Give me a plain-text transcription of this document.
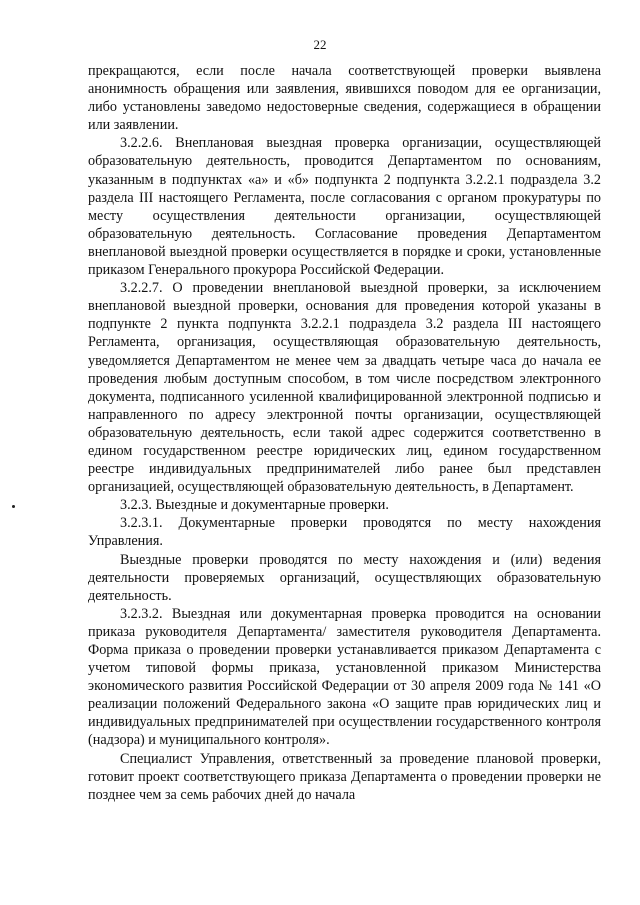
22

прекращаются, если после начала соответствующей проверки выявлена анонимность обращения или заявления, явившихся поводом для ее организации, либо установлены заведомо недостоверные сведения, содержащиеся в обращении или заявлении.

3.2.2.6. Внеплановая выездная проверка организации, осуществляющей образовательную деятельность, проводится Департаментом по основаниям, указанным в подпунктах «а» и «б» подпункта 2 подпункта 3.2.2.1 подраздела 3.2 раздела III настоящего Регламента, после согласования с органом прокуратуры по месту осуществления деятельности организации, осуществляющей образовательную деятельность. Согласование проведения Департаментом внеплановой выездной проверки осуществляется в порядке и сроки, установленные приказом Генерального прокурора Российской Федерации.

3.2.2.7. О проведении внеплановой выездной проверки, за исключением внеплановой выездной проверки, основания для проведения которой указаны в подпункте 2 пункта подпункта 3.2.2.1 подраздела 3.2 раздела III настоящего Регламента, организация, осуществляющая образовательную деятельность, уведомляется Департаментом не менее чем за двадцать четыре часа до начала ее проведения любым доступным способом, в том числе посредством электронного документа, подписанного усиленной квалифицированной электронной подписью и направленного по адресу электронной почты организации, осуществляющей образовательную деятельность, если такой адрес содержится соответственно в едином государственном реестре юридических лиц, едином государственном реестре индивидуальных предпринимателей либо ранее был представлен организацией, осуществляющей образовательную деятельность, в Департамент.

3.2.3. Выездные и документарные проверки.

3.2.3.1. Документарные проверки проводятся по месту нахождения Управления.

Выездные проверки проводятся по месту нахождения и (или) ведения деятельности проверяемых организаций, осуществляющих образовательную деятельность.

3.2.3.2. Выездная или документарная проверка проводится на основании приказа руководителя Департамента/ заместителя руководителя Департамента. Форма приказа о проведении проверки устанавливается приказом Департамента с учетом типовой формы приказа, установленной приказом Министерства экономического развития Российской Федерации от 30 апреля 2009 года № 141 «О реализации положений Федерального закона «О защите прав юридических лиц и индивидуальных предпринимателей при осуществлении государственного контроля (надзора) и муниципального контроля».

Специалист Управления, ответственный за проведение плановой проверки, готовит проект соответствующего приказа Департамента о проведении проверки не позднее чем за семь рабочих дней до начала
